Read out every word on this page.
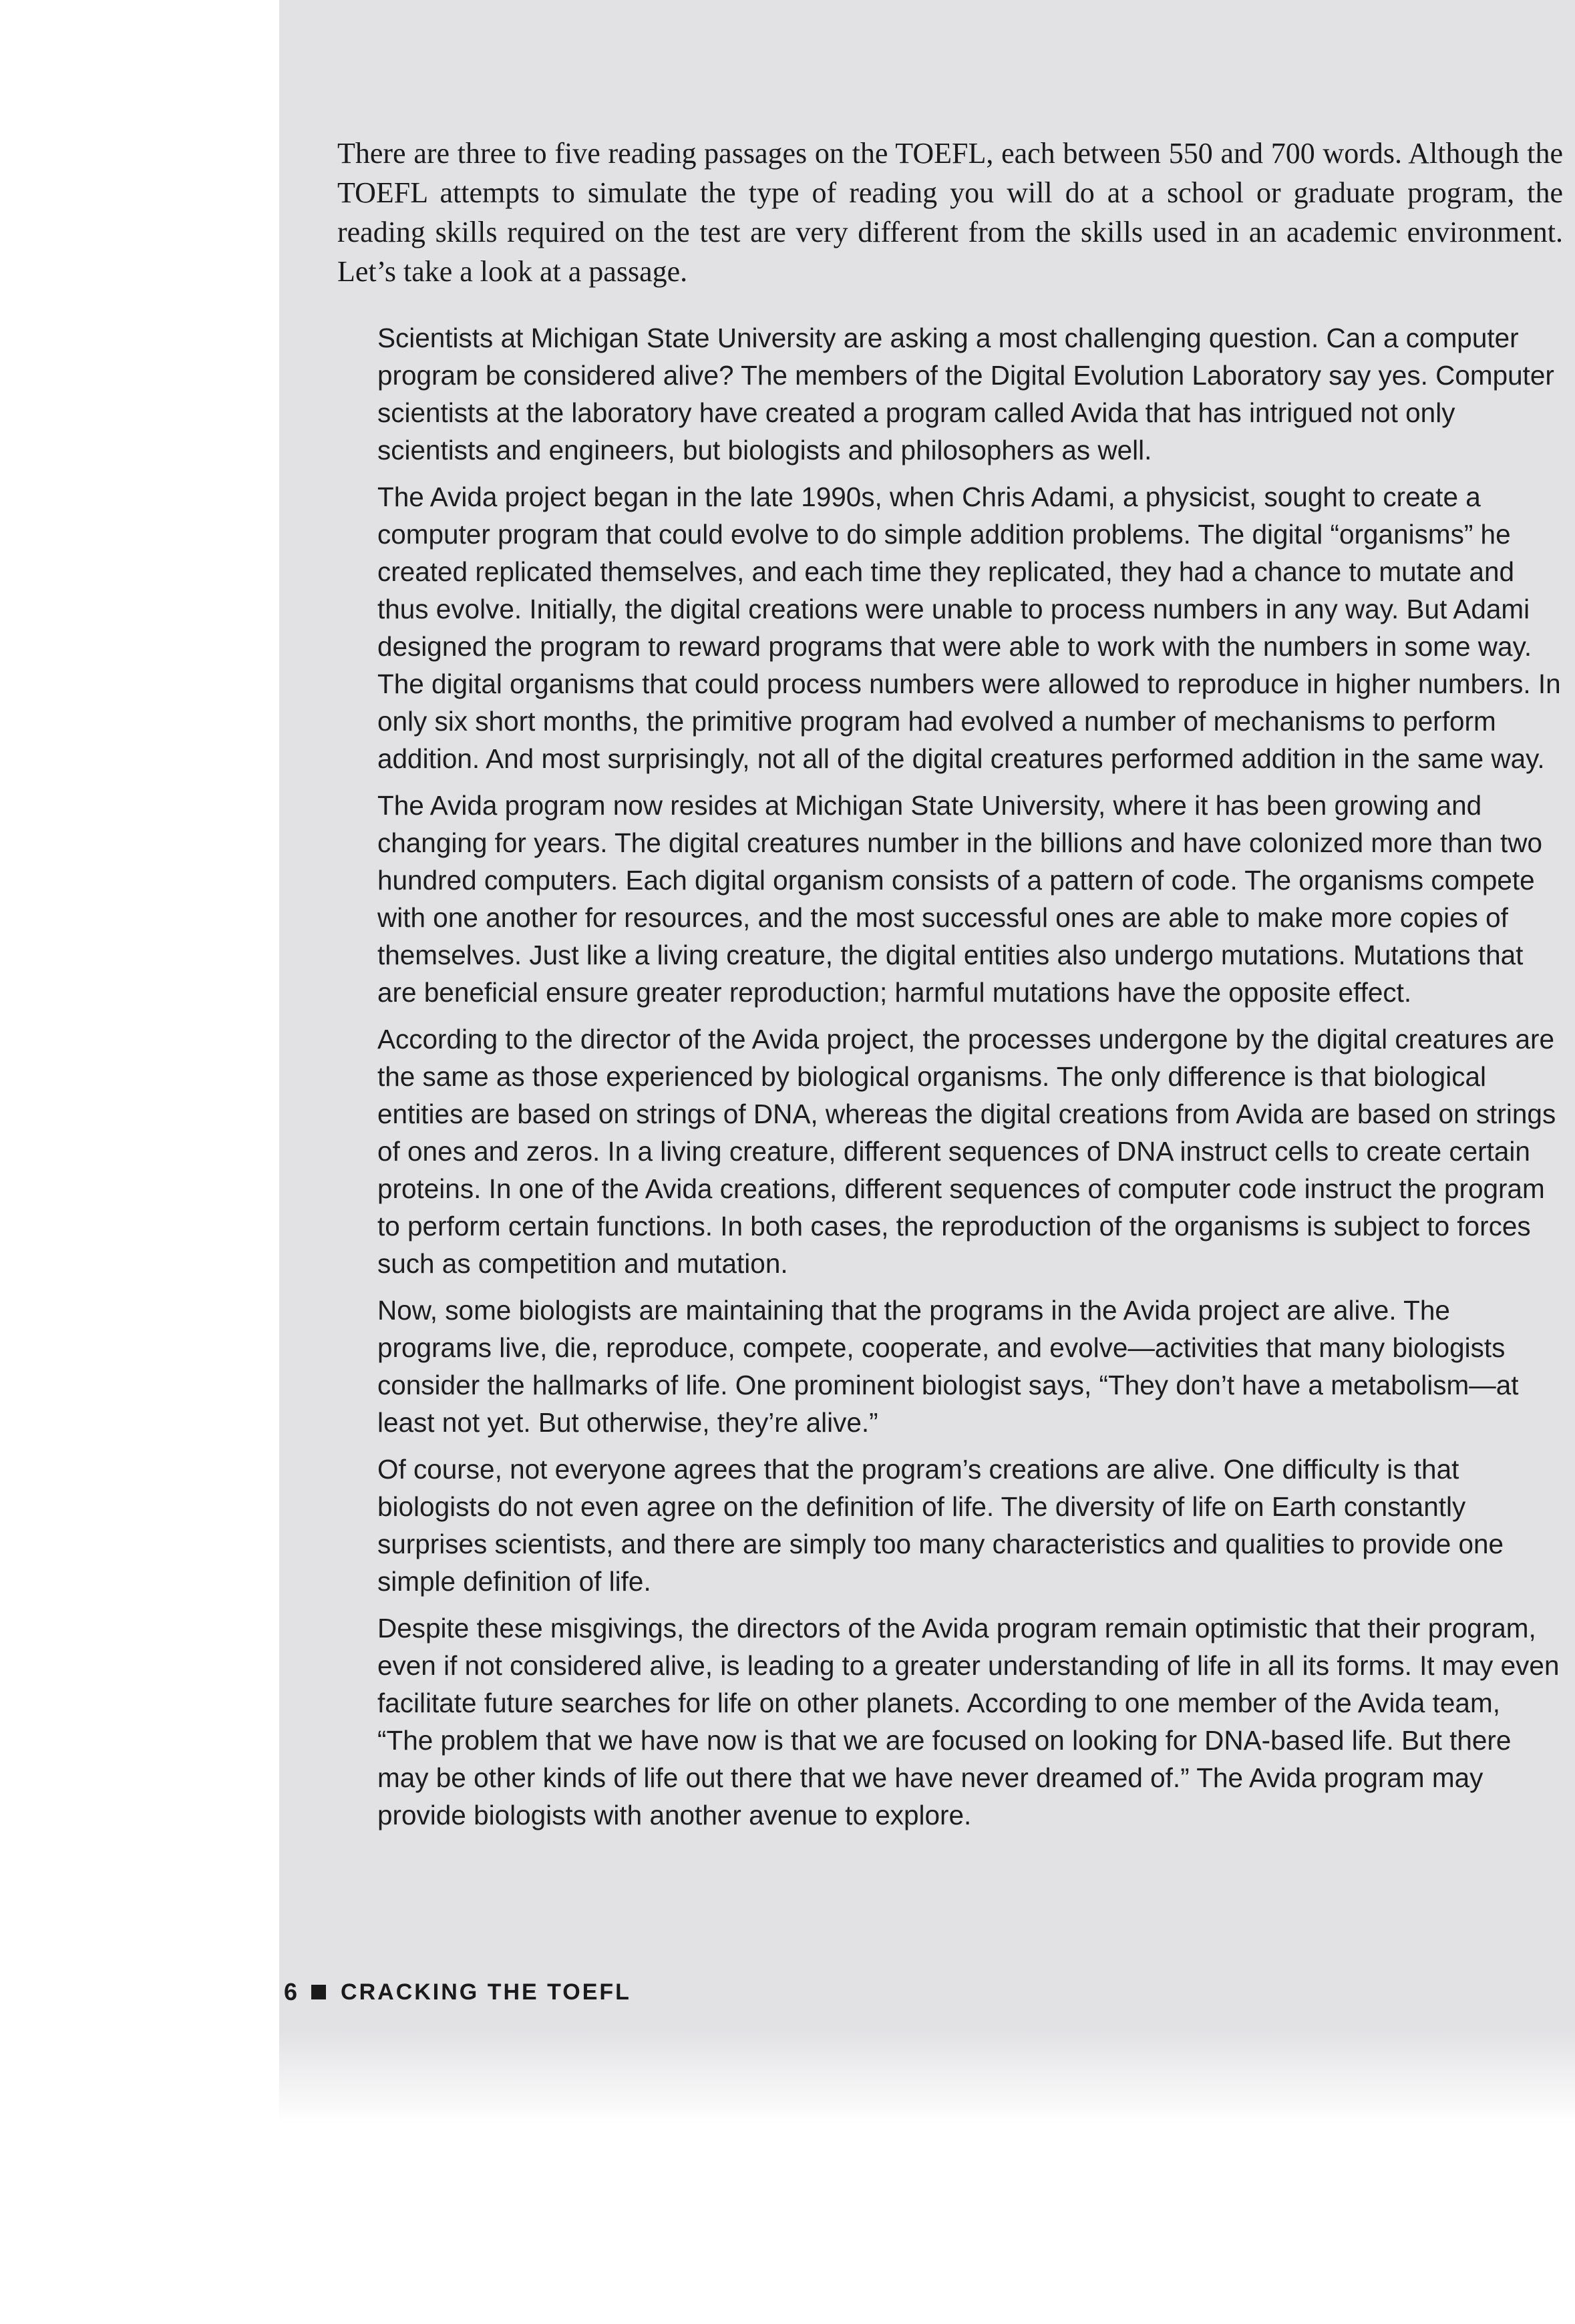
There are three to five reading passages on the TOEFL, each between 550 and 700 words. Although the TOEFL attempts to simulate the type of reading you will do at a school or graduate program, the reading skills required on the test are very different from the skills used in an academic environment. Let’s take a look at a passage.

Scientists at Michigan State University are asking a most challenging question. Can a computer program be considered alive? The members of the Digital Evolution Laboratory say yes. Computer scientists at the laboratory have created a program called Avida that has intrigued not only scientists and engineers, but biologists and philosophers as well.

The Avida project began in the late 1990s, when Chris Adami, a physicist, sought to create a computer program that could evolve to do simple addition problems. The digital “organisms” he created replicated themselves, and each time they replicated, they had a chance to mutate and thus evolve. Initially, the digital creations were unable to process numbers in any way. But Adami designed the program to reward programs that were able to work with the numbers in some way. The digital organisms that could process numbers were allowed to reproduce in higher numbers. In only six short months, the primitive program had evolved a number of mechanisms to perform addition. And most surprisingly, not all of the digital creatures performed addition in the same way.

The Avida program now resides at Michigan State University, where it has been growing and changing for years. The digital creatures number in the billions and have colonized more than two hundred computers. Each digital organism consists of a pattern of code. The organisms compete with one another for resources, and the most successful ones are able to make more copies of themselves. Just like a living creature, the digital entities also undergo mutations. Mutations that are beneficial ensure greater reproduction; harmful mutations have the opposite effect.

According to the director of the Avida project, the processes undergone by the digital creatures are the same as those experienced by biological organisms. The only difference is that biological entities are based on strings of DNA, whereas the digital creations from Avida are based on strings of ones and zeros. In a living creature, different sequences of DNA instruct cells to create certain proteins. In one of the Avida creations, different sequences of computer code instruct the program to perform certain functions. In both cases, the reproduction of the organisms is subject to forces such as competition and mutation.

Now, some biologists are maintaining that the programs in the Avida project are alive. The programs live, die, reproduce, compete, cooperate, and evolve—activities that many biologists consider the hallmarks of life. One prominent biologist says, “They don’t have a metabolism—at least not yet. But otherwise, they’re alive.”

Of course, not everyone agrees that the program’s creations are alive. One difficulty is that biologists do not even agree on the definition of life. The diversity of life on Earth constantly surprises scientists, and there are simply too many characteristics and qualities to provide one simple definition of life.

Despite these misgivings, the directors of the Avida program remain optimistic that their program, even if not considered alive, is leading to a greater understanding of life in all its forms. It may even facilitate future searches for life on other planets. According to one member of the Avida team, “The problem that we have now is that we are focused on looking for DNA-based life. But there may be other kinds of life out there that we have never dreamed of.” The Avida program may provide biologists with another avenue to explore.

6 CRACKING THE TOEFL
